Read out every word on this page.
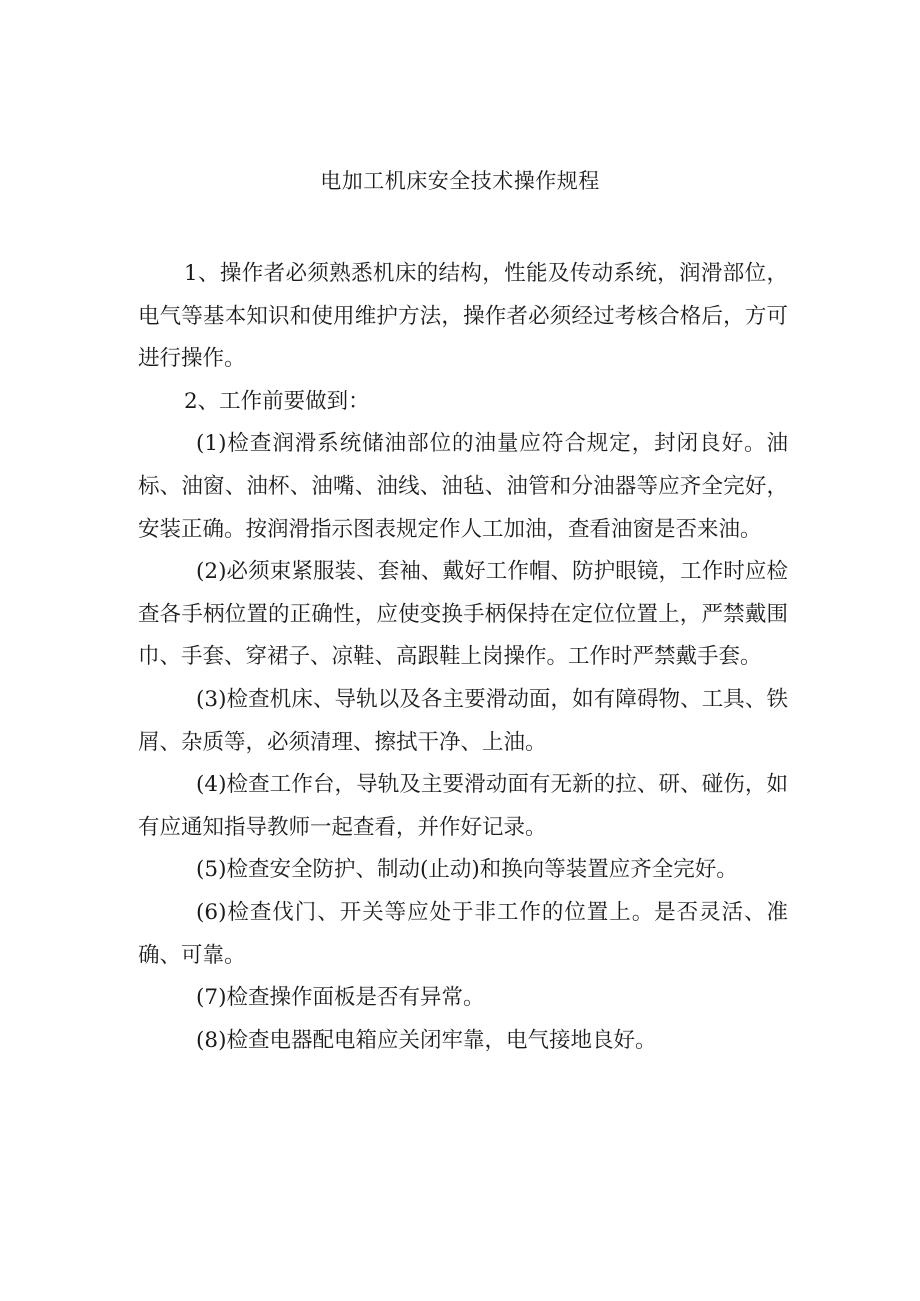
电加工机床安全技术操作规程

1、操作者必须熟悉机床的结构，性能及传动系统，润滑部位，电气等基本知识和使用维护方法，操作者必须经过考核合格后，方可进行操作。

2、工作前要做到：

(1)检查润滑系统储油部位的油量应符合规定，封闭良好。油标、油窗、油杯、油嘴、油线、油毡、油管和分油器等应齐全完好，安装正确。按润滑指示图表规定作人工加油，查看油窗是否来油。

(2)必须束紧服装、套袖、戴好工作帽、防护眼镜，工作时应检查各手柄位置的正确性，应使变换手柄保持在定位位置上，严禁戴围巾、手套、穿裙子、凉鞋、高跟鞋上岗操作。工作时严禁戴手套。

(3)检查机床、导轨以及各主要滑动面，如有障碍物、工具、铁屑、杂质等，必须清理、擦拭干净、上油。

(4)检查工作台，导轨及主要滑动面有无新的拉、研、碰伤，如有应通知指导教师一起查看，并作好记录。

(5)检查安全防护、制动(止动)和换向等装置应齐全完好。

(6)检查伐门、开关等应处于非工作的位置上。是否灵活、准确、可靠。

(7)检查操作面板是否有异常。

(8)检查电器配电箱应关闭牢靠，电气接地良好。
